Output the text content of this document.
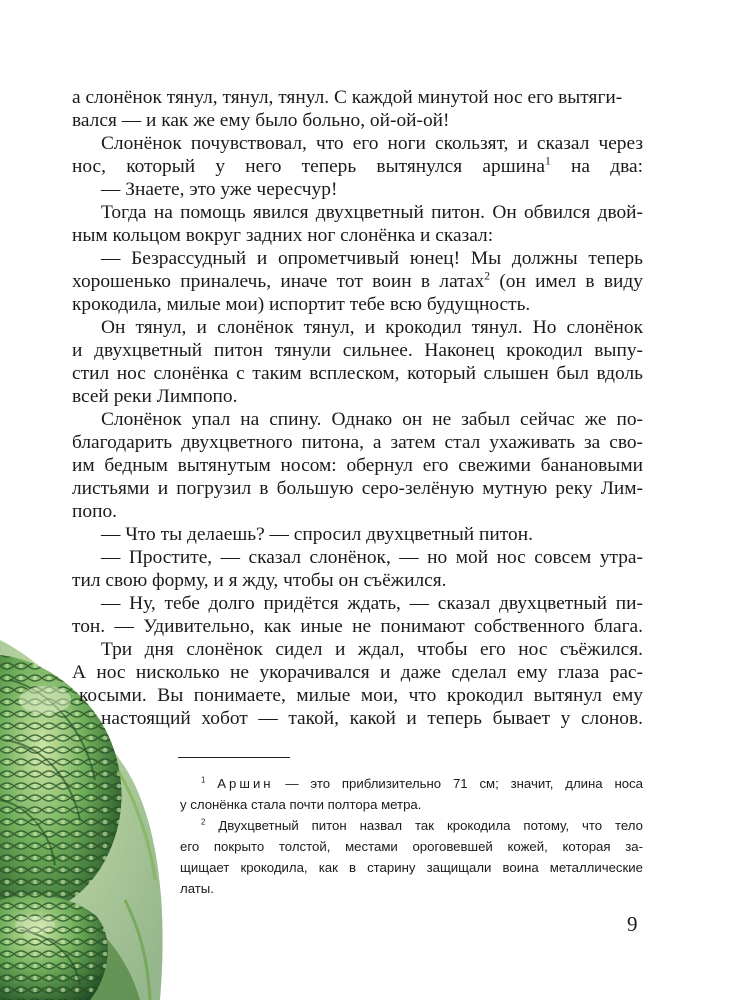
а слонёнок тянул, тянул, тянул. С каждой минутой нос его вытяги-
вался — и как же ему было больно, ой-ой-ой!
Слонёнок почувствовал, что его ноги скользят, и сказал через
нос, который у него теперь вытянулся аршина$^1$ на два:
— Знаете, это уже чересчур!
Тогда на помощь явился двухцветный питон. Он обвился двой-
ным кольцом вокруг задних ног слонёнка и сказал:
— Безрассудный и опрометчивый юнец! Мы должны теперь
хорошенько приналечь, иначе тот воин в латах$^2$ (он имел в виду
крокодила, милые мои) испортит тебе всю будущность.
Он тянул, и слонёнок тянул, и крокодил тянул. Но слонёнок
и двухцветный питон тянули сильнее. Наконец крокодил выпу-
стил нос слонёнка с таким всплеском, который слышен был вдоль
всей реки Лимпопо.
Слонёнок упал на спину. Однако он не забыл сейчас же по-
благодарить двухцветного питона, а затем стал ухаживать за сво-
им бедным вытянутым носом: обернул его свежими банановыми
листьями и погрузил в большую серо-зелёную мутную реку Лим-
попо.
— Что ты делаешь? — спросил двухцветный питон.
— Простите, — сказал слонёнок, — но мой нос совсем утра-
тил свою форму, и я жду, чтобы он съёжился.
— Ну, тебе долго придётся ждать, — сказал двухцветный пи-
тон. — Удивительно, как иные не понимают собственного блага.
Три дня слонёнок сидел и ждал, чтобы его нос съёжился.
А нос нисколько не укорачивался и даже сделал ему глаза рас-
косыми. Вы понимаете, милые мои, что крокодил вытянул ему
настоящий хобот — такой, какой и теперь бывает у слонов.
$^1$ Аршин — это приблизительно 71 см; значит, длина носа
у слонёнка стала почти полтора метра.
$^2$ Двухцветный питон назвал так крокодила потому, что тело
его покрыто толстой, местами ороговевшей кожей, которая за-
щищает крокодила, как в старину защищали воина металлические
латы.
9
